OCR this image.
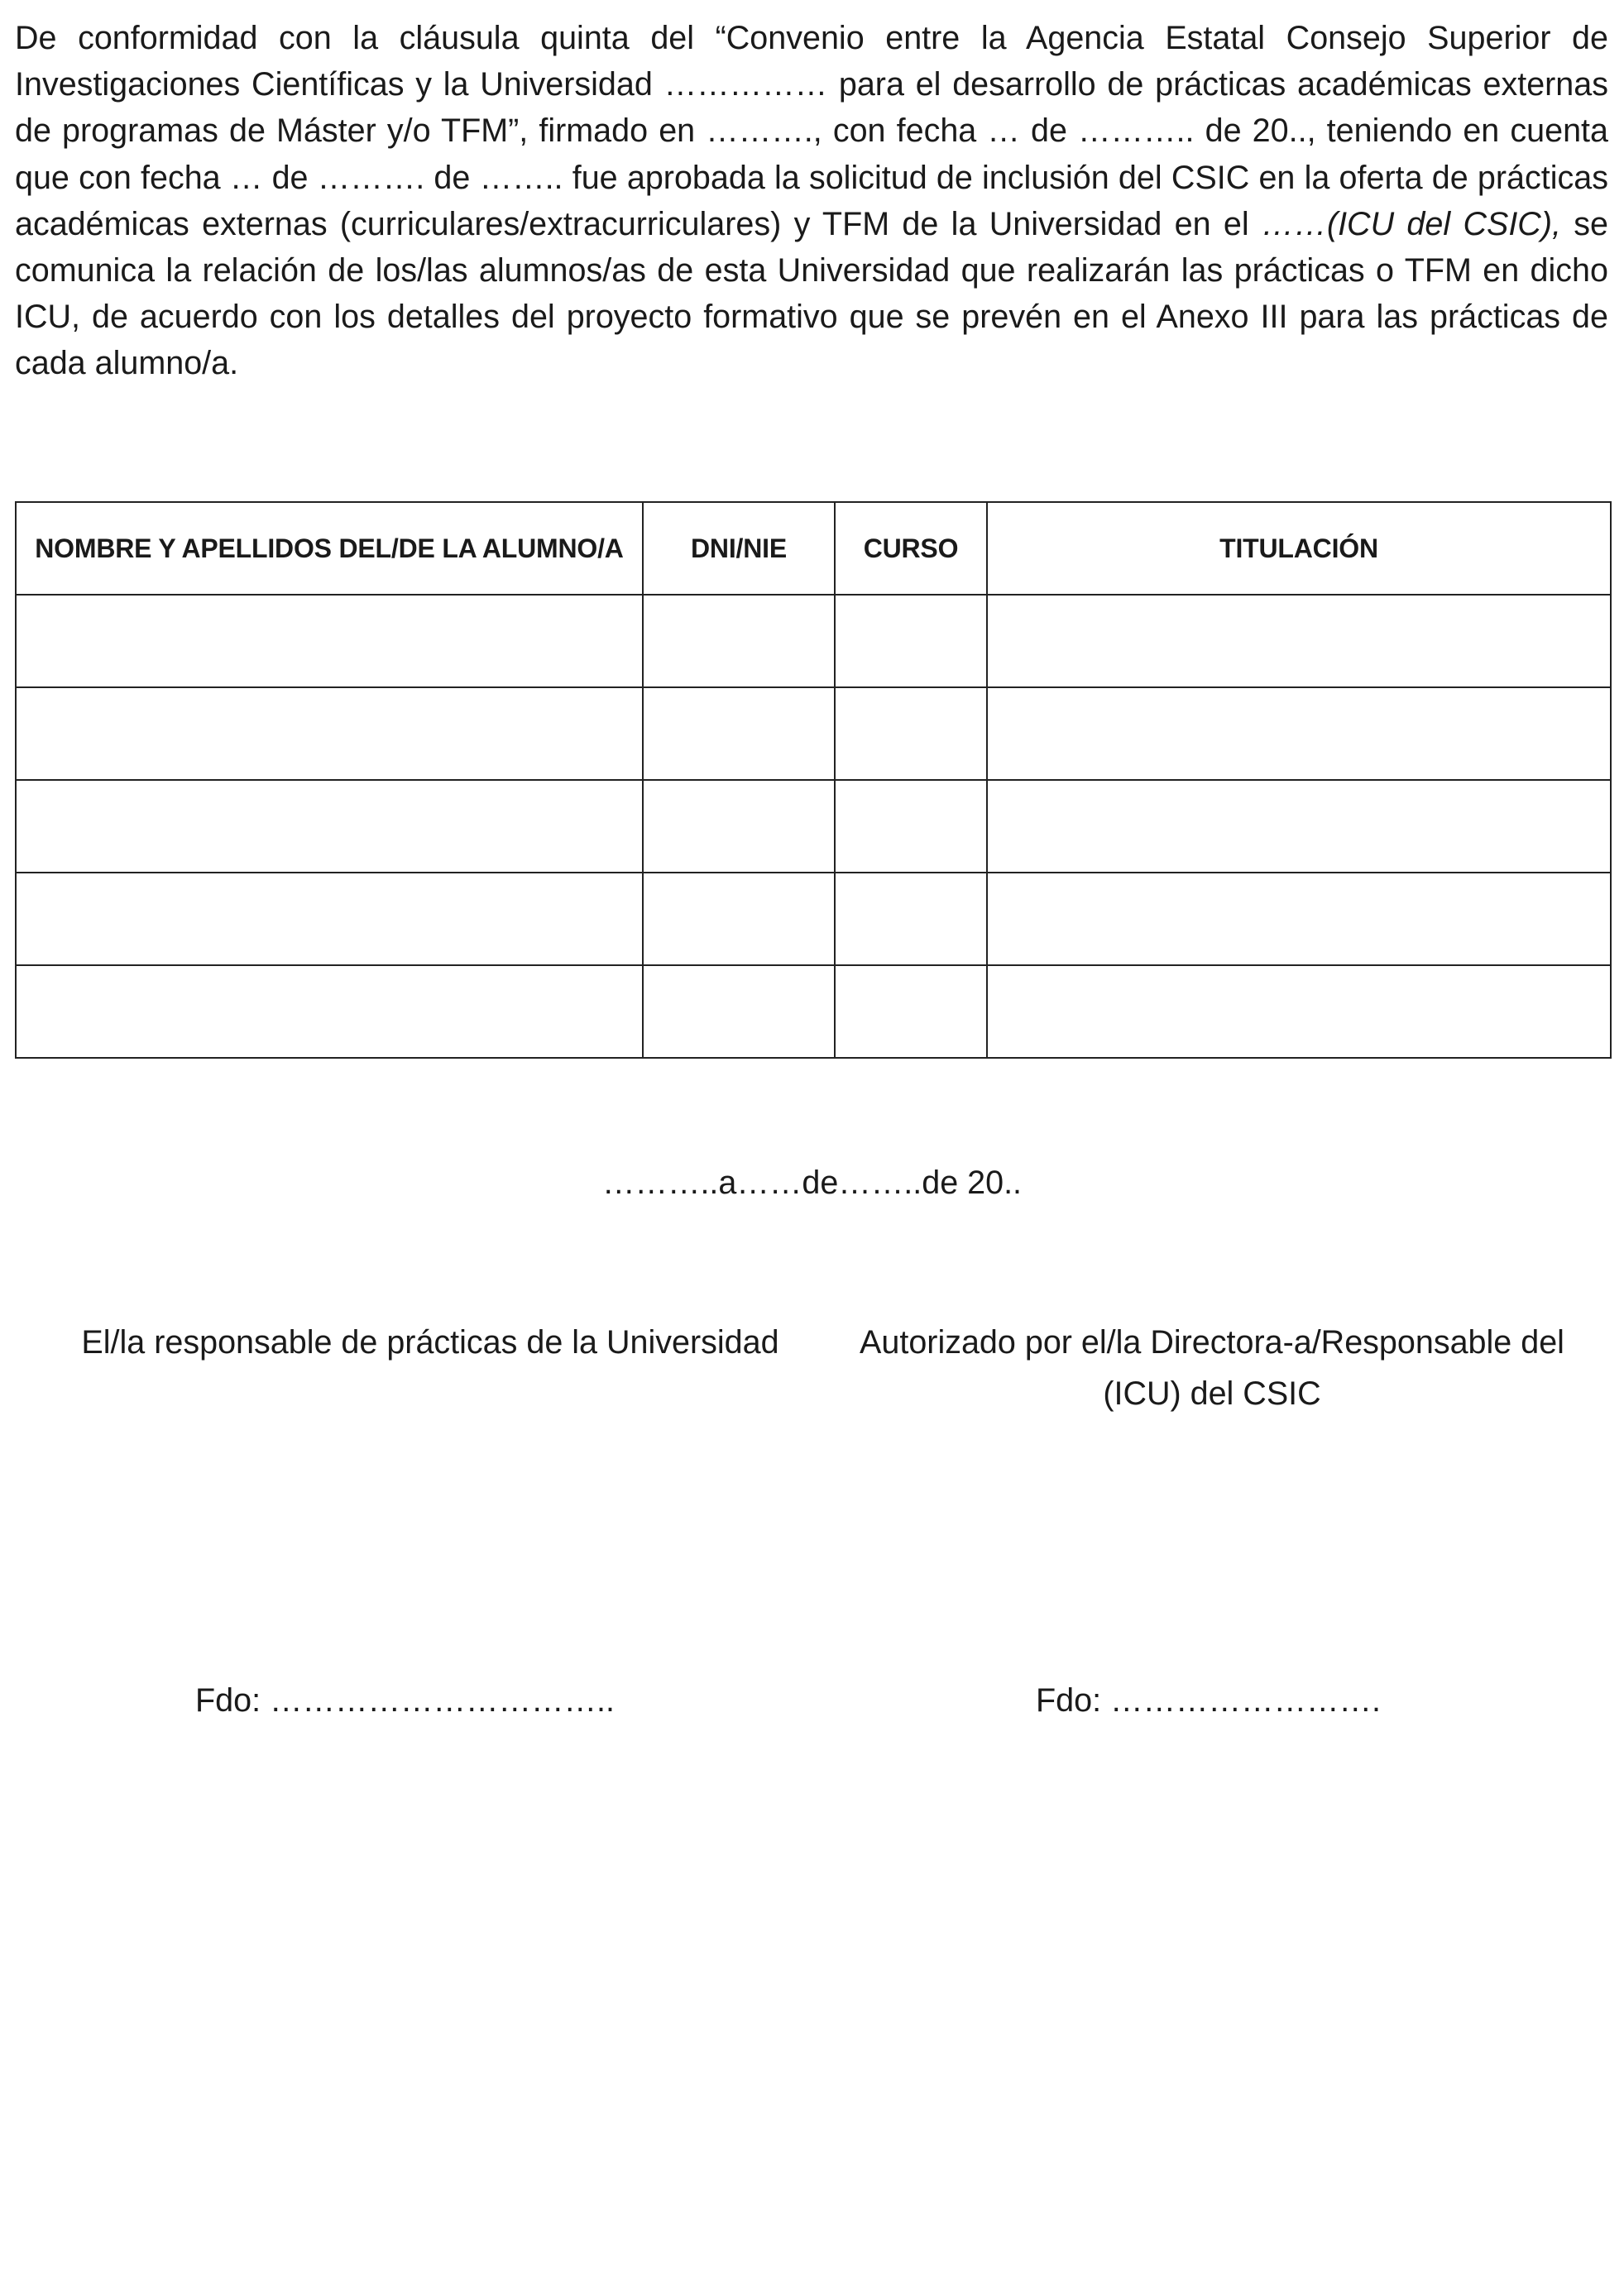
De conformidad con la cláusula quinta del “Convenio entre la Agencia Estatal Consejo Superior de Investigaciones Científicas y la Universidad …………… para el desarrollo de prácticas académicas externas de programas de Máster y/o TFM”, firmado en ………., con fecha … de ……….. de 20.., teniendo en cuenta que con fecha … de ………. de …….. fue aprobada la solicitud de inclusión del CSIC en la oferta de prácticas académicas externas (curriculares/extracurriculares) y TFM de la Universidad en el ……(ICU del CSIC), se comunica la relación de los/las alumnos/as de esta Universidad que realizarán las prácticas o TFM en dicho ICU, de acuerdo con los detalles del proyecto formativo que se prevén en el Anexo III para las prácticas de cada alumno/a.

NOMBRE Y APELLIDOS DEL/DE LA ALUMNO/A	DNI/NIE	CURSO	TITULACIÓN

………..a……de……..de 20..

El/la responsable de prácticas de la Universidad	Autorizado por el/la Directora-a/Responsable del
(ICU) del CSIC

Fdo: …………………………..	Fdo: …………………….
